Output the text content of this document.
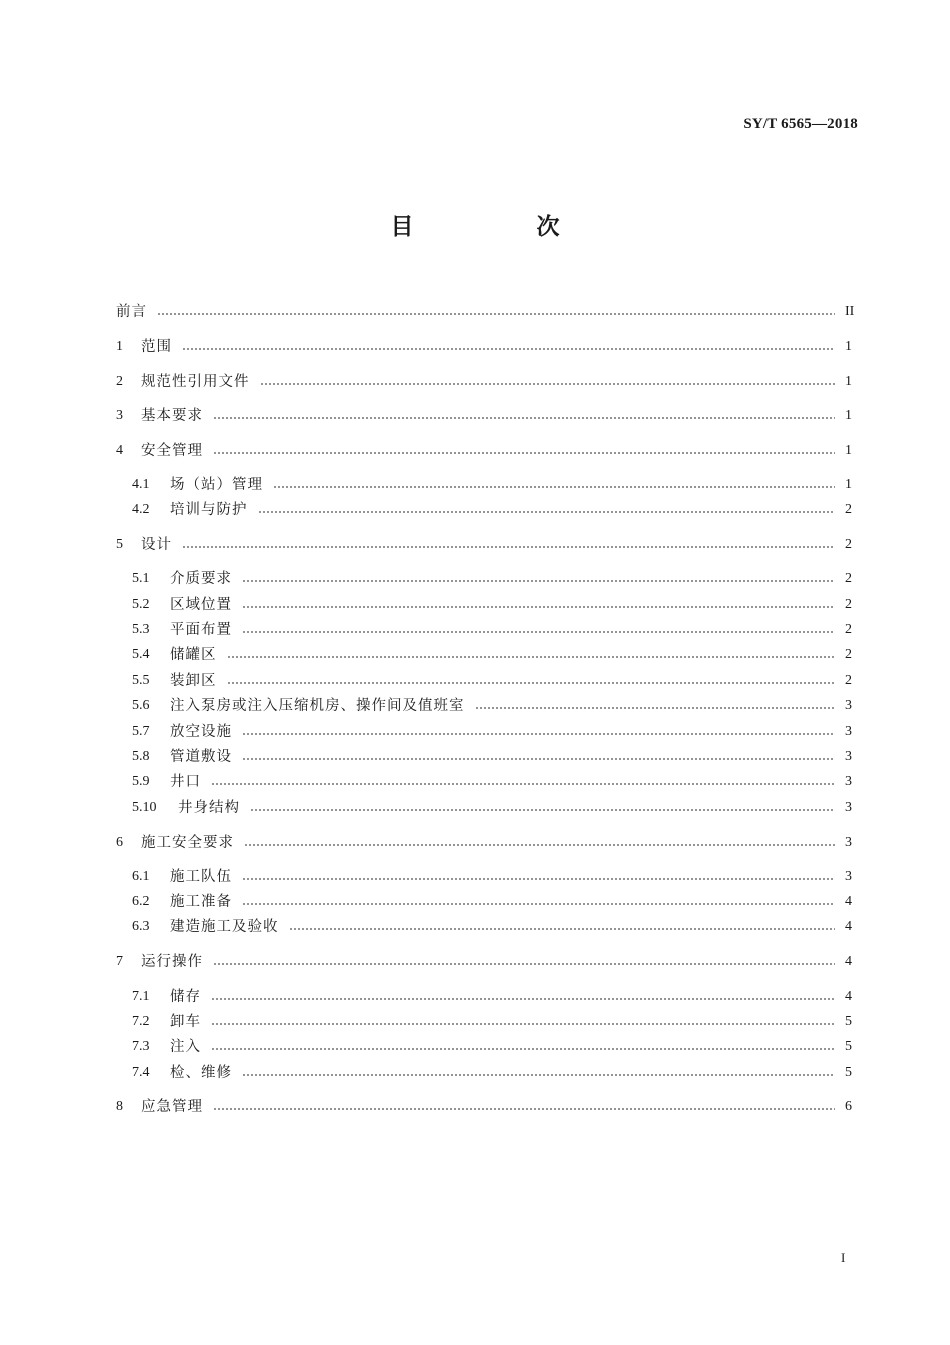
SY/T 6565—2018
目　次
前言	II
1 范围	1
2 规范性引用文件	1
3 基本要求	1
4 安全管理	1
4.1 场（站）管理	1
4.2 培训与防护	2
5 设计	2
5.1 介质要求	2
5.2 区域位置	2
5.3 平面布置	2
5.4 储罐区	2
5.5 装卸区	2
5.6 注入泵房或注入压缩机房、操作间及值班室	3
5.7 放空设施	3
5.8 管道敷设	3
5.9 井口	3
5.10 井身结构	3
6 施工安全要求	3
6.1 施工队伍	3
6.2 施工准备	4
6.3 建造施工及验收	4
7 运行操作	4
7.1 储存	4
7.2 卸车	5
7.3 注入	5
7.4 检、维修	5
8 应急管理	6
I
